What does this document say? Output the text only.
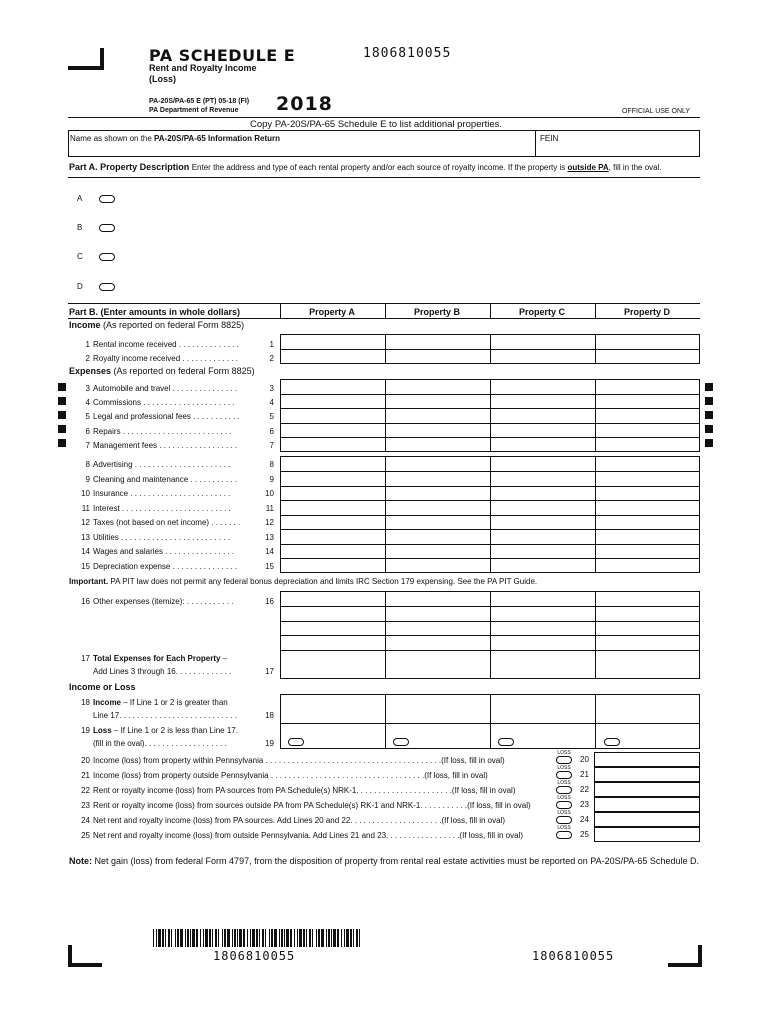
PA SCHEDULE E	1806810055
Rent and Royalty Income (Loss)
PA-20S/PA-65 E (PT) 05-18 (FI)
PA Department of Revenue	2018	OFFICIAL USE ONLY
Copy PA-20S/PA-65 Schedule E to list additional properties.
Name as shown on the PA-20S/PA-65 Information Return	FEIN
Part A. Property Description Enter the address and type of each rental property and/or each source of royalty income. If the property is outside PA, fill in the oval.
A
B
C
D
Part B. (Enter amounts in whole dollars)	Property A	Property B	Property C	Property D
Income (As reported on federal Form 8825)
1 Rental income received . . . . . . . . . . . . . .	1
2 Royalty income received . . . . . . . . . . . . .	2
Expenses (As reported on federal Form 8825)
3 Automobile and travel . . . . . . . . . . . . . . .	3
4 Commissions . . . . . . . . . . . . . . . . . . . . .	4
5 Legal and professional fees . . . . . . . . . . .	5
6 Repairs . . . . . . . . . . . . . . . . . . . . . . . . .	6
7 Management fees . . . . . . . . . . . . . . . . . .	7
8 Advertising . . . . . . . . . . . . . . . . . . . . . .	8
9 Cleaning and maintenance . . . . . . . . . . .	9
10 Insurance . . . . . . . . . . . . . . . . . . . . . . .	10
11 Interest . . . . . . . . . . . . . . . . . . . . . . . . .	11
12 Taxes (not based on net income) . . . . . . .	12
13 Utilities . . . . . . . . . . . . . . . . . . . . . . . . .	13
14 Wages and salaries . . . . . . . . . . . . . . . .	14
15 Depreciation expense . . . . . . . . . . . . . . .	15
Important. PA PIT law does not permit any federal bonus depreciation and limits IRC Section 179 expensing. See the PA PIT Guide.
16 Other expenses (itemize): . . . . . . . . . . .	16
17 Total Expenses for Each Property –
Add Lines 3 through 16. . . . . . . . . . . . .	17
Income or Loss
18 Income – If Line 1 or 2 is greater than
Line 17. . . . . . . . . . . . . . . . . . . . . . . . . . .	18
19 Loss – If Line 1 or 2 is less than Line 17.
(fill in the oval). . . . . . . . . . . . . . . . . . .	19
20 Income (loss) from property within Pennsylvania . . . . . . . . . . . . . . . . . . . . . . . . . . . . . . . . . . . . . . . .(If loss, fill in oval)
21 Income (loss) from property outside Pennsylvania . . . . . . . . . . . . . . . . . . . . . . . . . . . . . . . . . . .(If loss, fill in oval)
22 Rent or royalty income (loss) from PA sources from PA Schedule(s) NRK-1. . . . . . . . . . . . . . . . . . . . . .(If loss, fill in oval)
23 Rent or royalty income (loss) from sources outside PA from PA Schedule(s) RK-1 and NRK-1. . . . . . . . . . .(If loss, fill in oval)
24 Net rent and royalty income (loss) from PA sources. Add Lines 20 and 22. . . . . . . . . . . . . . . . . . . . .(If loss, fill in oval)
25 Net rent and royalty income (loss) from outside Pennsylvania. Add Lines 21 and 23. . . . . . . . . . . . . . . . .(If loss, fill in oval)
LOSS
LOSS
LOSS
LOSS
LOSS
LOSS
20
21
22
23
24
25
Note: Net gain (loss) from federal Form 4797, from the disposition of property from rental real estate activities must be reported on PA-20S/PA-65 Schedule D.
1806810055	1806810055
